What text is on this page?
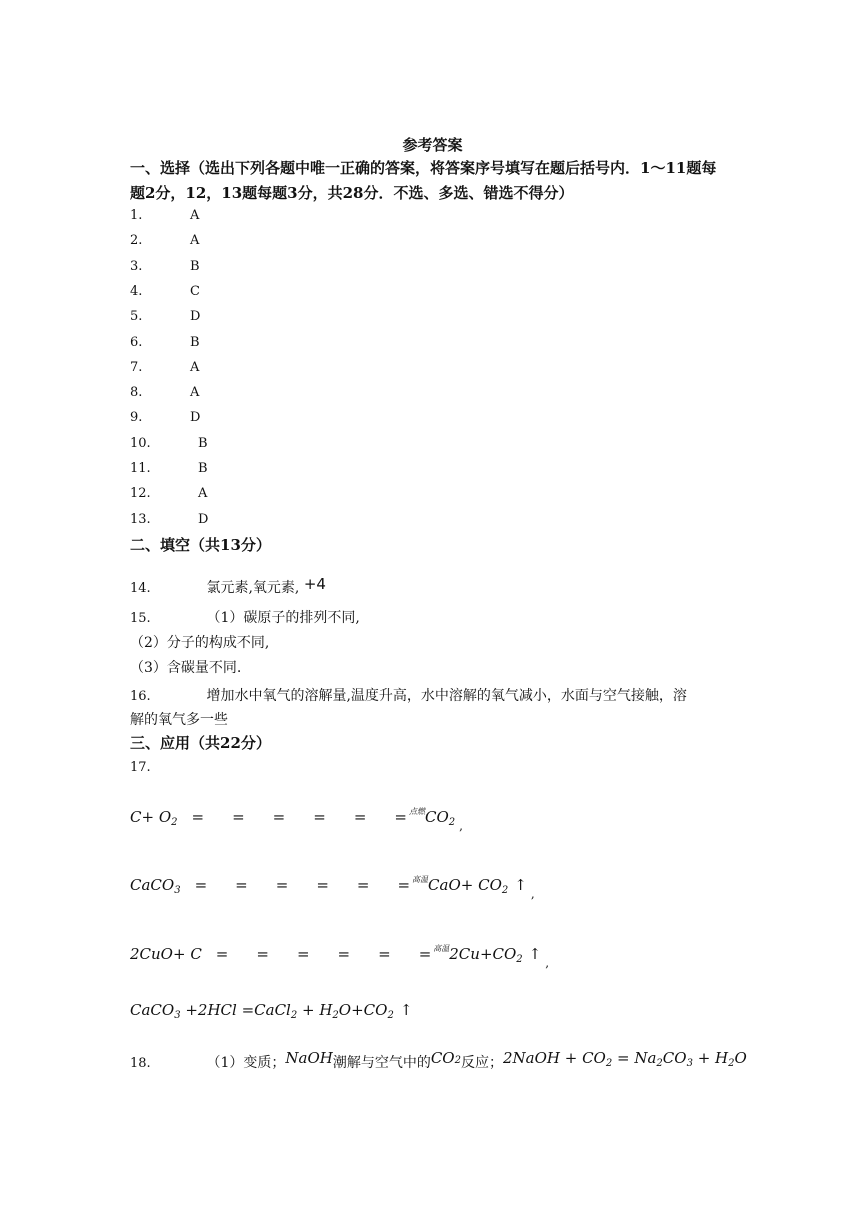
参考答案
一、选择（选出下列各题中唯一正确的答案，将答案序号填写在题后括号内．1～11题每
题2分，12，13题每题3分，共28分．不选、多选、错选不得分）
1.	A
2.	A
3.	B
4.	C
5.	D
6.	B
7.	A
8.	A
9.	D
10.	B
11.	B
12.	A
13.	D
二、填空（共13分）
14.	氯元素,氧元素, +4
15.	（1）碳原子的排列不同,
（2）分子的构成不同,
（3）含碳量不同.
16.	增加水中氧气的溶解量,温度升高，水中溶解的氧气减小，水面与空气接触，溶
解的氧气多一些
三、应用（共22分）
17.
$C+ O_2$ = = = = = = $^{点燃}CO_2$ $_,$
CaCO$_3$ = = = = = = $^{高温}CaO+ CO_2$ ↑ $_,$
2CuO+ C = = = = = = $^{高温}2Cu+CO_2$ ↑ $_,$
CaCO$_3$ +2HCl =CaCl$_2$ + $H_2O+CO_2$ ↑
18.	（1）变质；NaOH潮解与空气中的CO2反应；2NaOH + $CO_2 = Na_2CO_3 + H_2O$
